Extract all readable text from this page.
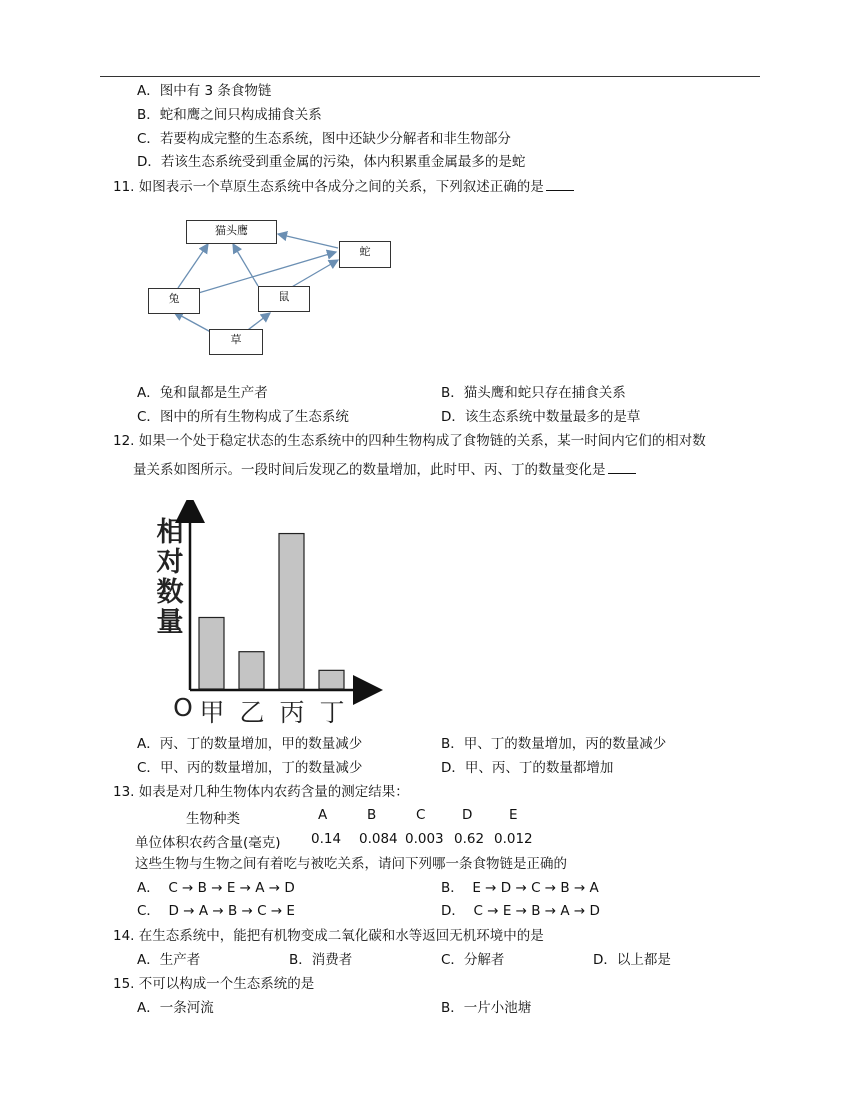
A．图中有 3 条食物链
B．蛇和鹰之间只构成捕食关系
C．若要构成完整的生态系统，图中还缺少分解者和非生物部分
D．若该生态系统受到重金属的污染，体内积累重金属最多的是蛇
11. 如图表示一个草原生态系统中各成分之间的关系，下列叙述正确的是
猫头鹰
蛇
兔	鼠
草
A．兔和鼠都是生产者	B．猫头鹰和蛇只存在捕食关系
C．图中的所有生物构成了生态系统	D．该生态系统中数量最多的是草
12. 如果一个处于稳定状态的生态系统中的四种生物构成了食物链的关系，某一时间内它们的相对数
量关系如图所示。一段时间后发现乙的数量增加，此时甲、丙、丁的数量变化是
相
对
数
量
O 甲 乙 丙 丁
A．丙、丁的数量增加，甲的数量减少	B．甲、丁的数量增加，丙的数量减少
C．甲、丙的数量增加，丁的数量减少	D．甲、丙、丁的数量都增加
13. 如表是对几种生物体内农药含量的测定结果：
生物种类	A	B	C	D	E
单位体积农药含量(毫克) 0.14 0.084 0.003 0.62 0.012
这些生物与生物之间有着吃与被吃关系，请问下列哪一条食物链是正确的
A． C → B → E → A → D	B． E → D → C → B → A
C． D → A → B → C → E	D． C → E → B → A → D
14. 在生态系统中，能把有机物变成二氧化碳和水等返回无机环境中的是
A．生产者	B．消费者	C．分解者	D．以上都是
15. 不可以构成一个生态系统的是
A．一条河流	B．一片小池塘
